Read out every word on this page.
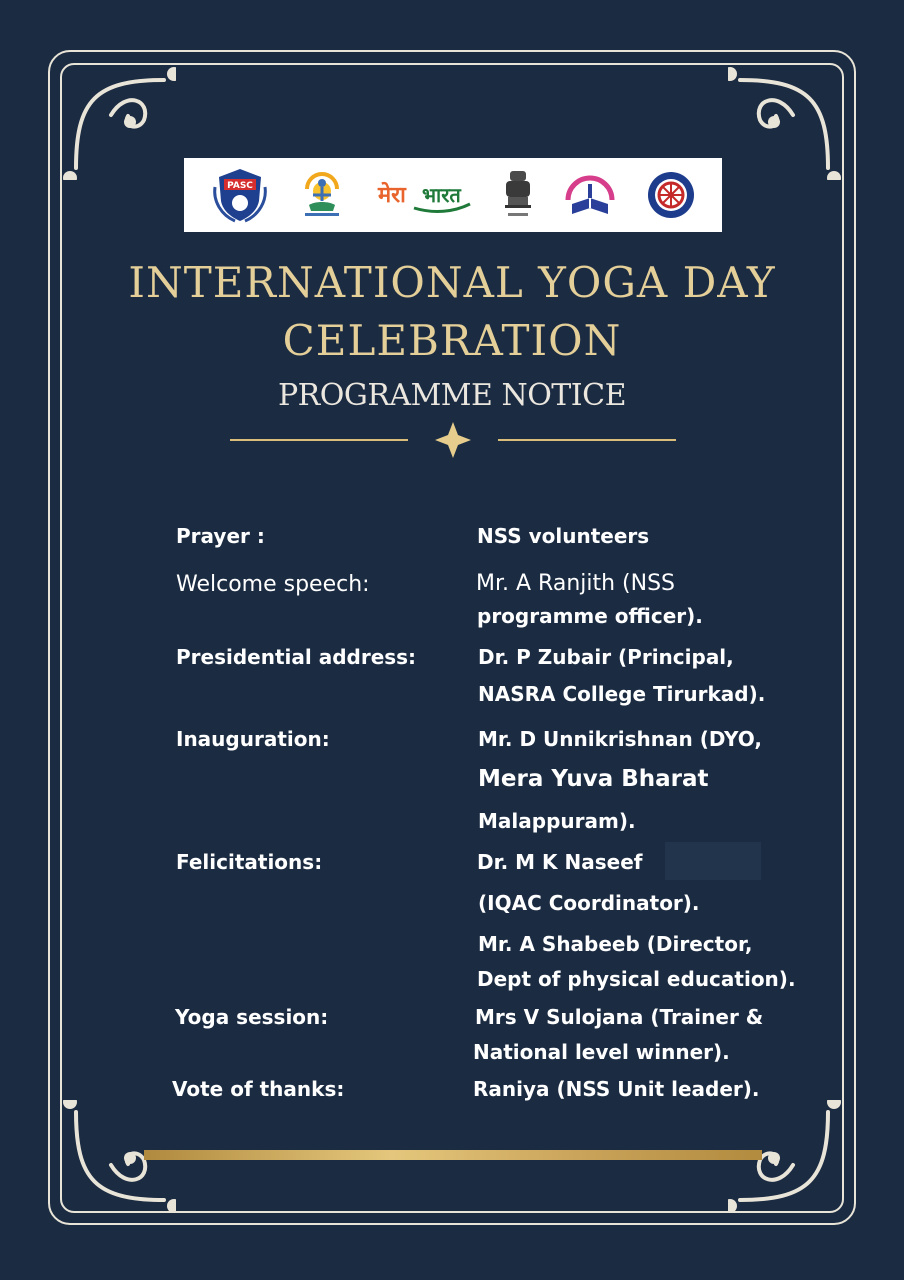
PASC	मेरा भारत
INTERNATIONAL YOGA DAY
CELEBRATION
PROGRAMME NOTICE
Prayer :	NSS volunteers
Welcome speech:	Mr. A Ranjith (NSS
programme officer).
Presidential address:	Dr. P Zubair (Principal,
NASRA College Tirurkad).
Inauguration:	Mr. D Unnikrishnan (DYO,
Mera Yuva Bharat
Malappuram).
Felicitations:	Dr. M K Naseef
(IQAC Coordinator).
Mr. A Shabeeb (Director,
Dept of physical education).
Yoga session:	Mrs V Sulojana (Trainer &
National level winner).
Vote of thanks:	Raniya (NSS Unit leader).
